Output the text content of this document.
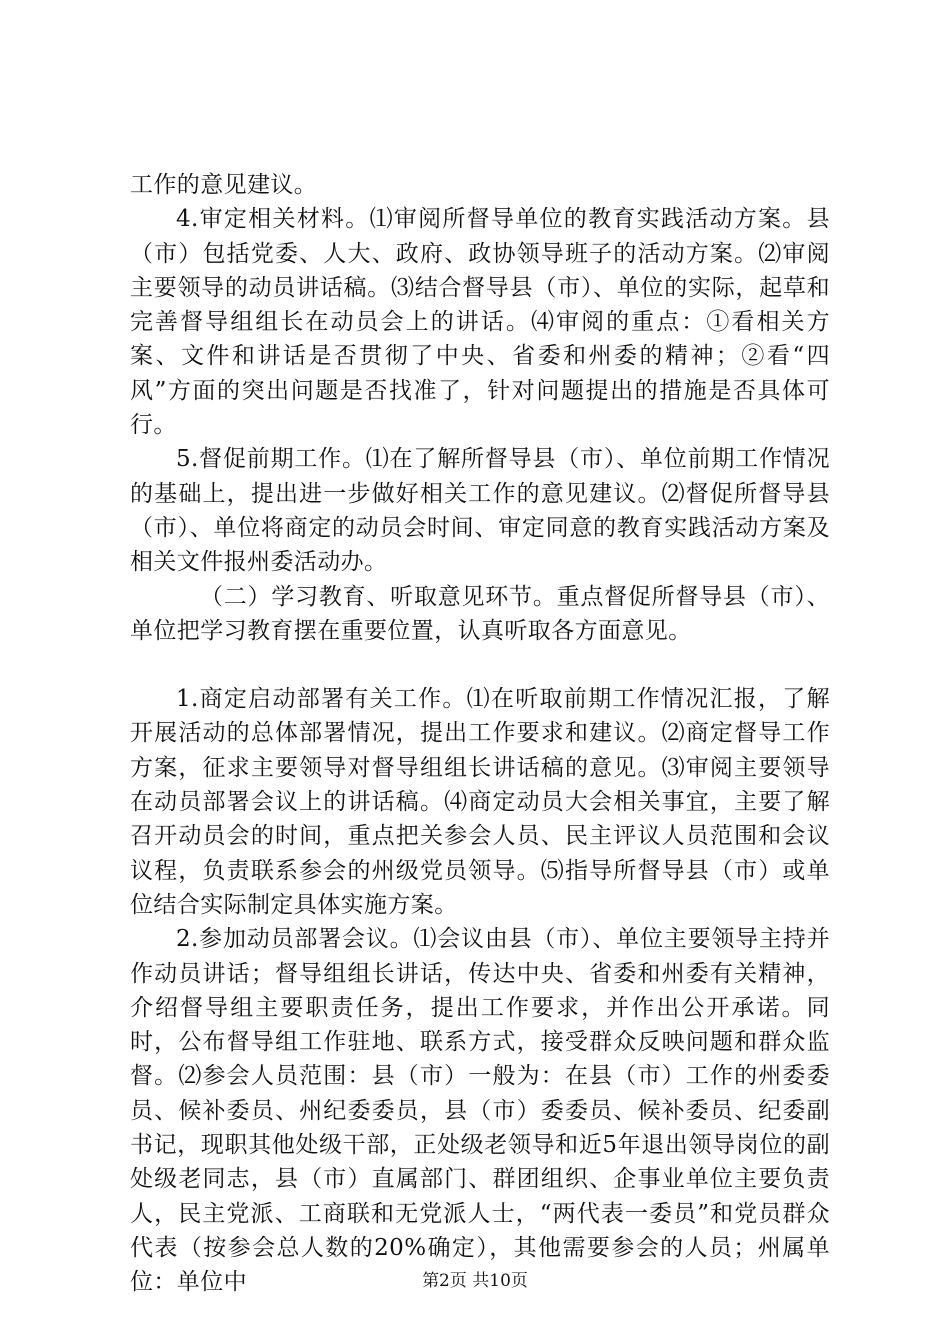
工作的意见建议。

4.审定相关材料。⑴审阅所督导单位的教育实践活动方案。县（市）包括党委、人大、政府、政协领导班子的活动方案。⑵审阅主要领导的动员讲话稿。⑶结合督导县（市）、单位的实际，起草和完善督导组组长在动员会上的讲话。⑷审阅的重点：①看相关方案、文件和讲话是否贯彻了中央、省委和州委的精神；②看“四风”方面的突出问题是否找准了，针对问题提出的措施是否具体可行。

5.督促前期工作。⑴在了解所督导县（市）、单位前期工作情况的基础上，提出进一步做好相关工作的意见建议。⑵督促所督导县（市）、单位将商定的动员会时间、审定同意的教育实践活动方案及相关文件报州委活动办。

（二）学习教育、听取意见环节。重点督促所督导县（市）、单位把学习教育摆在重要位置，认真听取各方面意见。

1.商定启动部署有关工作。⑴在听取前期工作情况汇报，了解开展活动的总体部署情况，提出工作要求和建议。⑵商定督导工作方案，征求主要领导对督导组组长讲话稿的意见。⑶审阅主要领导在动员部署会议上的讲话稿。⑷商定动员大会相关事宜，主要了解召开动员会的时间，重点把关参会人员、民主评议人员范围和会议议程，负责联系参会的州级党员领导。⑸指导所督导县（市）或单位结合实际制定具体实施方案。

2.参加动员部署会议。⑴会议由县（市）、单位主要领导主持并作动员讲话；督导组组长讲话，传达中央、省委和州委有关精神，介绍督导组主要职责任务，提出工作要求，并作出公开承诺。同时，公布督导组工作驻地、联系方式，接受群众反映问题和群众监督。⑵参会人员范围：县（市）一般为：在县（市）工作的州委委员、候补委员、州纪委委员，县（市）委委员、候补委员、纪委副书记，现职其他处级干部，正处级老领导和近5年退出领导岗位的副处级老同志，县（市）直属部门、群团组织、企事业单位主要负责人，民主党派、工商联和无党派人士，“两代表一委员”和党员群众代表（按参会总人数的20%确定），其他需要参会的人员；州属单位：单位中	第2页 共10页
